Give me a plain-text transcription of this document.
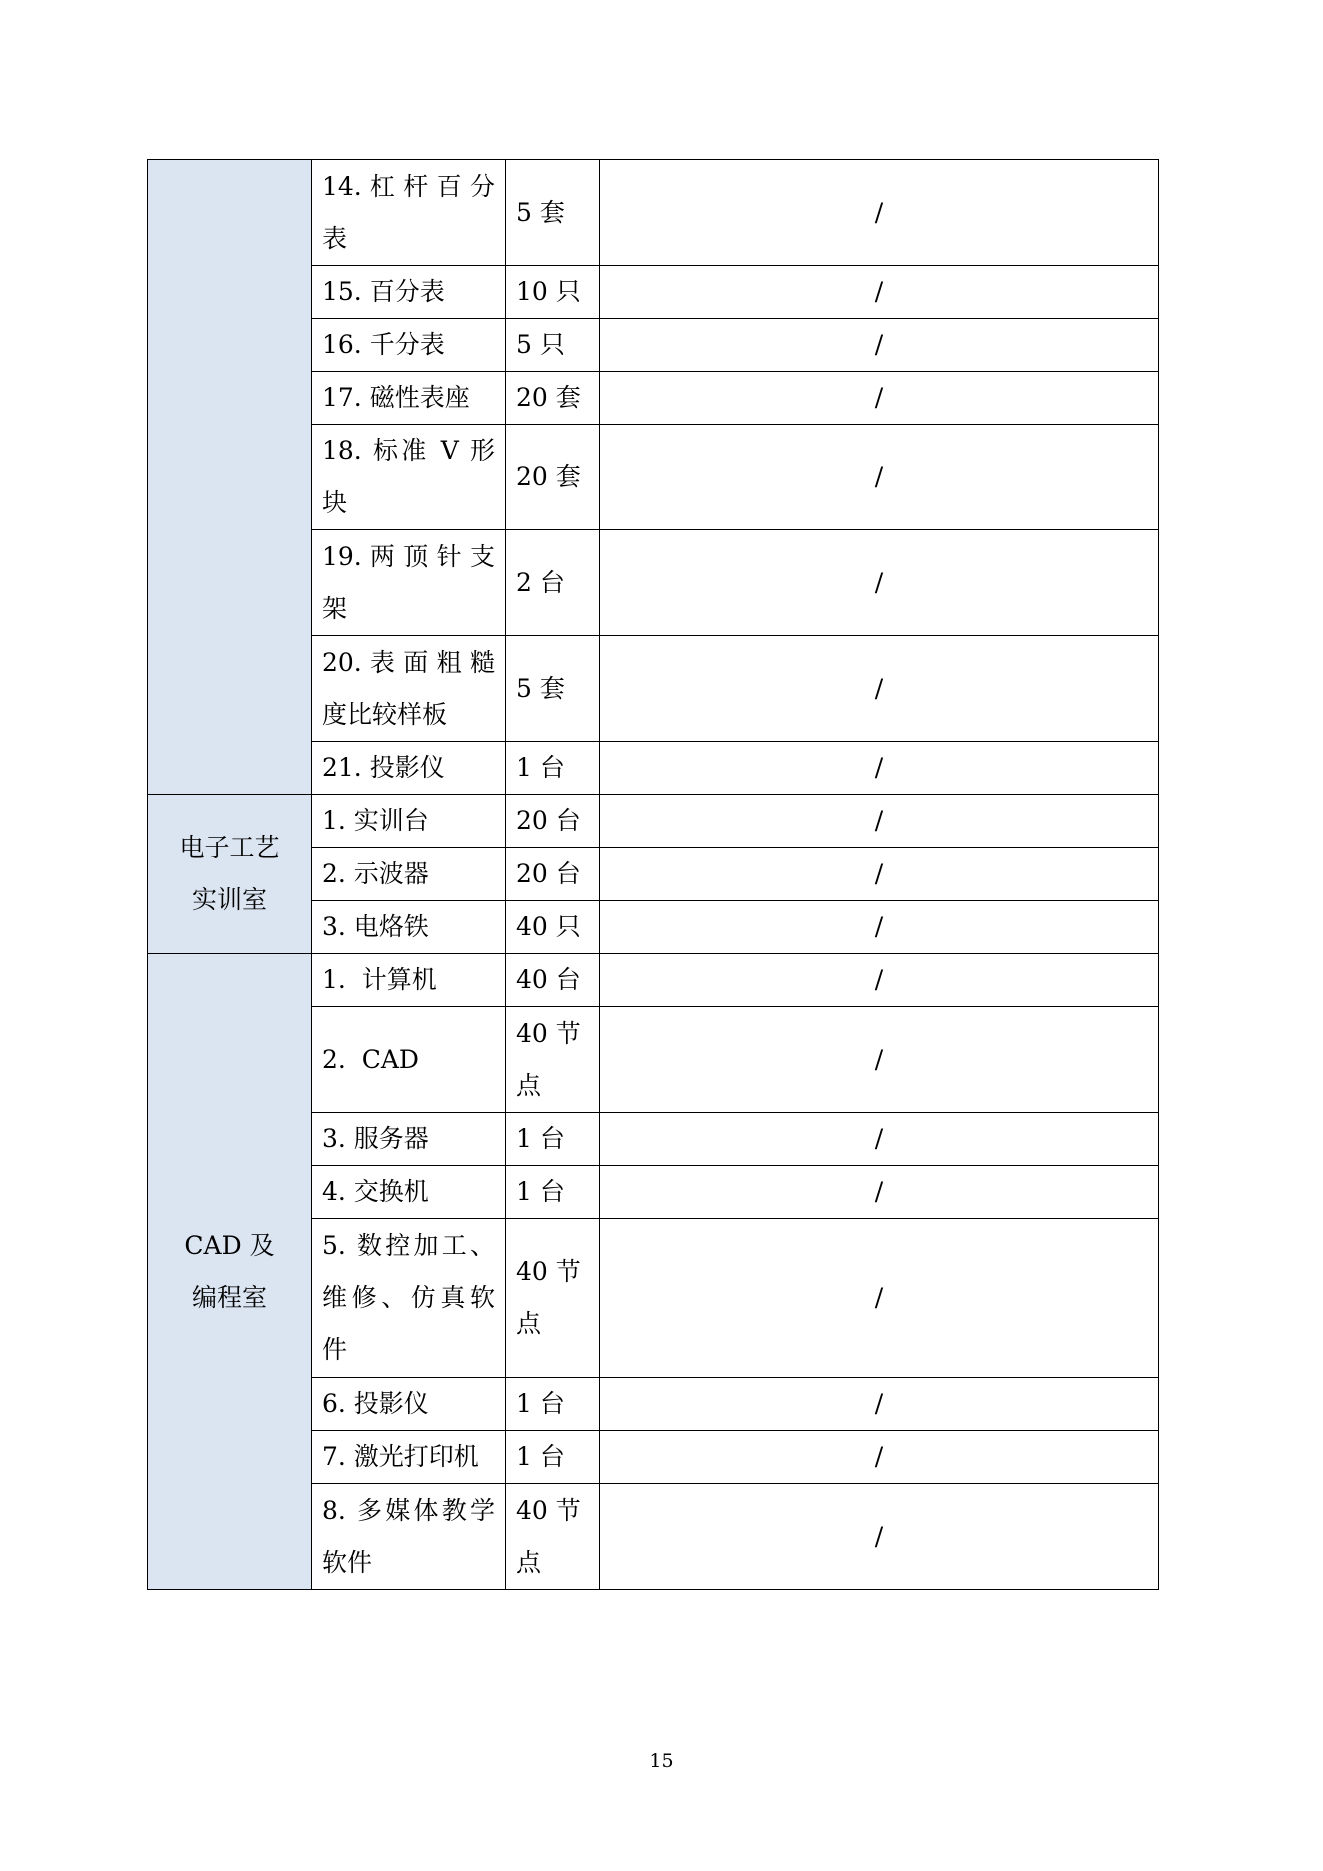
	14. 杠 杆 百 分 表	5 套	/
	15. 百分表	10 只	/
	16. 千分表	5 只	/
	17. 磁性表座	20 套	/
	18. 标准 V 形块	20 套	/
	19. 两 顶 针 支 架	2 台	/
	20. 表 面 粗 糙 度比较样板	5 套	/
	21. 投影仪	1 台	/
电子工艺实训室	1. 实训台	20 台	/
	2. 示波器	20 台	/
	3. 电烙铁	40 只	/
CAD 及编程室	1.  计算机	40 台	/
	2.  CAD	40 节点	/
	3. 服务器	1 台	/
	4. 交换机	1 台	/
	5. 数控加工、维修、仿真软件	40 节点	/
	6. 投影仪	1 台	/
	7. 激光打印机	1 台	/
	8. 多媒体教学软件	40 节点	/
15
